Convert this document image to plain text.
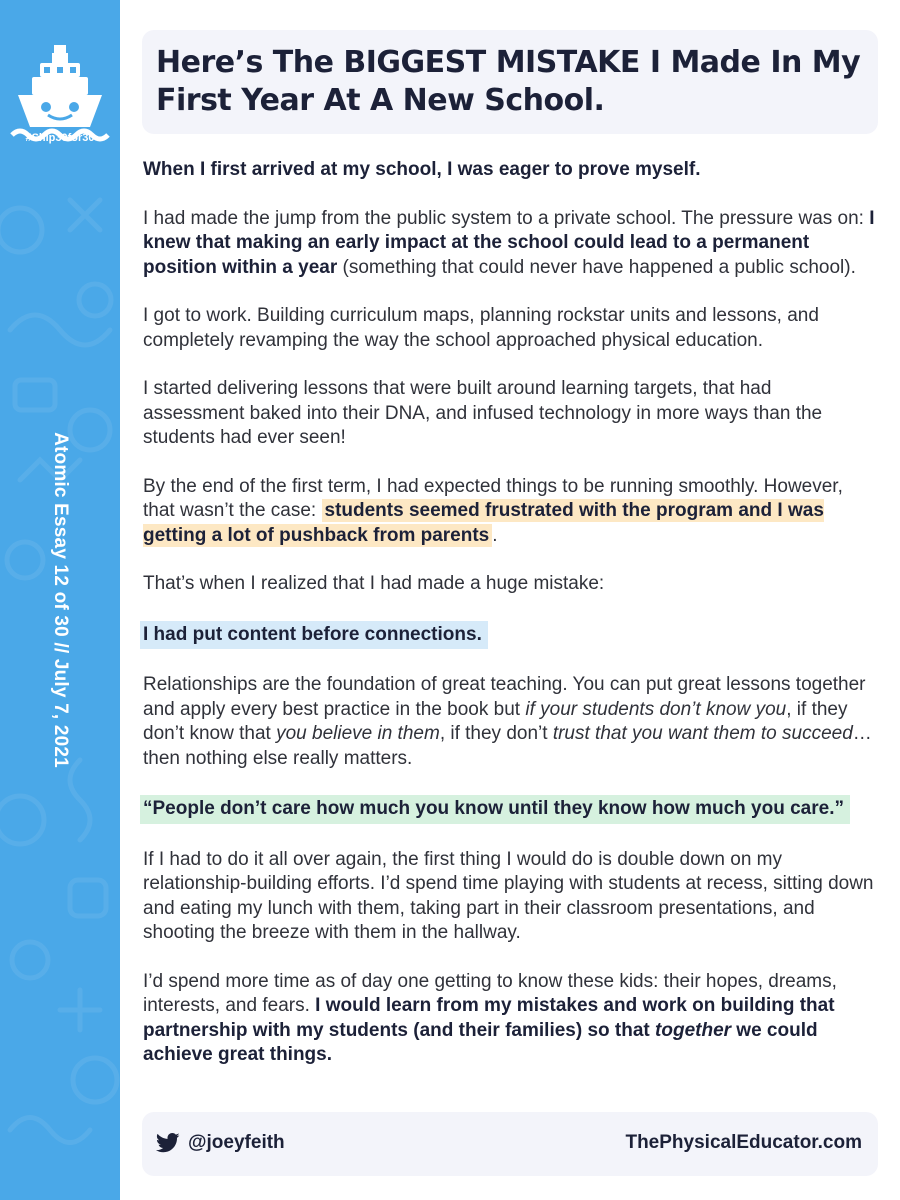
#Ship30for30
Atomic Essay 12 of 30 // July 7, 2021
Here’s The BIGGEST MISTAKE I Made In My First Year At A New School.

When I first arrived at my school, I was eager to prove myself.

I had made the jump from the public system to a private school. The pressure was on: I knew that making an early impact at the school could lead to a permanent position within a year (something that could never have happened a public school).

I got to work. Building curriculum maps, planning rockstar units and lessons, and completely revamping the way the school approached physical education.

I started delivering lessons that were built around learning targets, that had assessment baked into their DNA, and infused technology in more ways than the students had ever seen!

By the end of the first term, I had expected things to be running smoothly. However, that wasn’t the case: students seemed frustrated with the program and I was getting a lot of pushback from parents .

That’s when I realized that I had made a huge mistake:

I had put content before connections.

Relationships are the foundation of great teaching. You can put great lessons together and apply every best practice in the book but if your students don’t know you, if they don’t know that you believe in them, if they don’t trust that you want them to succeed… then nothing else really matters.

“People don’t care how much you know until they know how much you care.”

If I had to do it all over again, the first thing I would do is double down on my relationship-building efforts. I’d spend time playing with students at recess, sitting down and eating my lunch with them, taking part in their classroom presentations, and shooting the breeze with them in the hallway.

I’d spend more time as of day one getting to know these kids: their hopes, dreams, interests, and fears. I would learn from my mistakes and work on building that partnership with my students (and their families) so that together we could achieve great things.

@joeyfeith	ThePhysicalEducator.com
